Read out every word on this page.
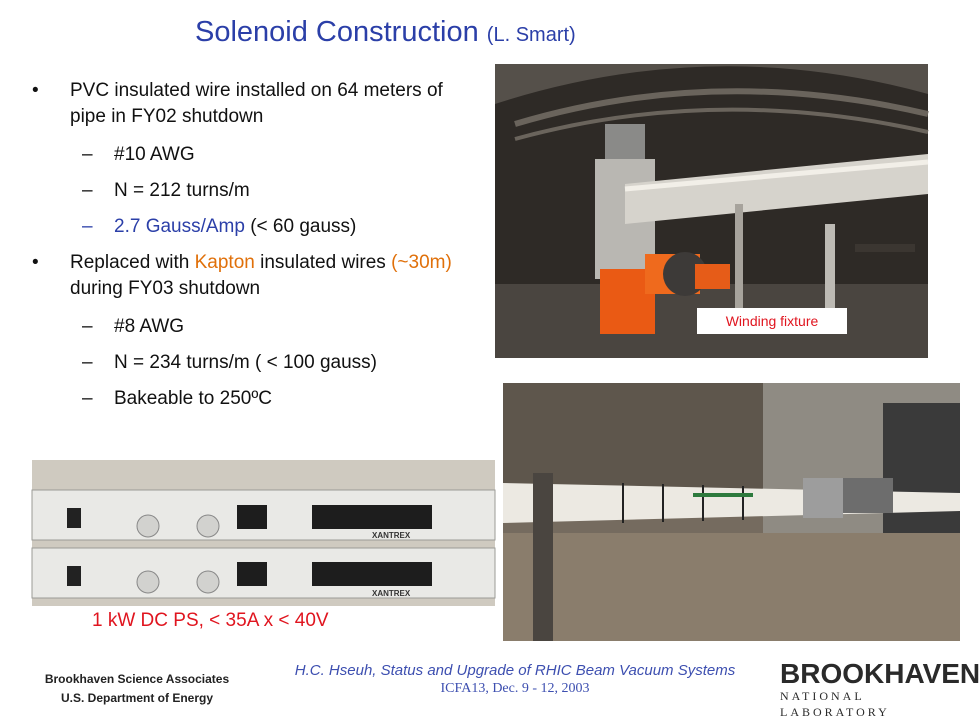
Solenoid Construction (L. Smart)
• PVC insulated wire installed on 64 meters of pipe in FY02 shutdown
– #10 AWG
– N = 212 turns/m
– 2.7 Gauss/Amp (< 60 gauss)
• Replaced with Kapton insulated wires (~30m) during FY03 shutdown
– #8 AWG
– N = 234 turns/m ( < 100 gauss)
– Bakeable to 250ºC
Winding fixture
XANTREX
XANTREX
1 kW DC PS, < 35A x < 40V
Brookhaven Science Associates
U.S. Department of Energy
H.C. Hseuh, Status and Upgrade of RHIC Beam Vacuum Systems
ICFA13, Dec. 9 - 12, 2003	BROOKHAVEN
NATIONAL LABORATORY
